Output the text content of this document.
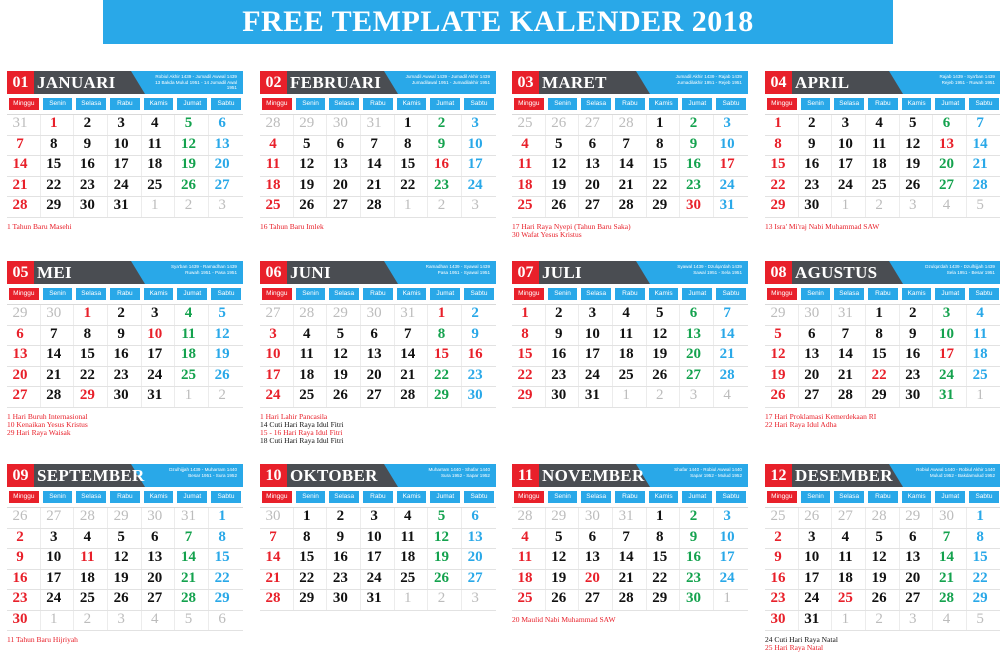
FREE TEMPLATE KALENDER 2018
01 JANUARI	Robiul Akhir 1439 - Jumadil Awwal 1439
13 Bakda Mulud 1951 - 14 Jumadil Awal 1951
Minggu	Senin	Selasa	Rabu	Kamis	Jumat	Sabtu
31	1	2	3	4	5	6
7	8	9	10	11	12	13
14	15	16	17	18	19	20
21	22	23	24	25	26	27
28	29	30	31	1	2	3
1 Tahun Baru Masehi
02 FEBRUARI	Jumadil Awwal 1439 - Jumadil Akhir 1439
Jumadilawal 1951 - Jumadilakhir 1951
Minggu	Senin	Selasa	Rabu	Kamis	Jumat	Sabtu
28	29	30	31	1	2	3
4	5	6	7	8	9	10
11	12	13	14	15	16	17
18	19	20	21	22	23	24
25	26	27	28	1	2	3
16 Tahun Baru Imlek
03 MARET	Jumadil Akhir 1439 - Rajab 1439
Jumadilakhir 1951 - Rejeb 1951
Minggu	Senin	Selasa	Rabu	Kamis	Jumat	Sabtu
25	26	27	28	1	2	3
4	5	6	7	8	9	10
11	12	13	14	15	16	17
18	19	20	21	22	23	24
25	26	27	28	29	30	31
17 Hari Raya Nyepi (Tahun Baru Saka)
30 Wafat Yesus Kristus
04 APRIL	Rajab 1439 - Sya'ban 1439
Rejeb 1951 - Ruwah 1951
Minggu	Senin	Selasa	Rabu	Kamis	Jumat	Sabtu
1	2	3	4	5	6	7
8	9	10	11	12	13	14
15	16	17	18	19	20	21
22	23	24	25	26	27	28
29	30	1	2	3	4	5
13 Isra' Mi'raj Nabi Muhammad SAW
05 MEI	Sya'ban 1439 - Ramadhan 1439
Ruwah 1951 - Pasa 1951
Minggu	Senin	Selasa	Rabu	Kamis	Jumat	Sabtu
29	30	1	2	3	4	5
6	7	8	9	10	11	12
13	14	15	16	17	18	19
20	21	22	23	24	25	26
27	28	29	30	31	1	2
1 Hari Buruh Internasional
10 Kenaikan Yesus Kristus
29 Hari Raya Waisak
06 JUNI	Ramadhan 1439 - Syawal 1439
Pasa 1951 - Syawal 1951
Minggu	Senin	Selasa	Rabu	Kamis	Jumat	Sabtu
27	28	29	30	31	1	2
3	4	5	6	7	8	9
10	11	12	13	14	15	16
17	18	19	20	21	22	23
24	25	26	27	28	29	30
1 Hari Lahir Pancasila
14 Cuti Hari Raya Idul Fitri
15 - 16 Hari Raya Idul Fitri
18 Cuti Hari Raya Idul Fitri
07 JULI	Syawal 1439 - Dzulqa'dah 1439
Sawal 1951 - Sela 1951
Minggu	Senin	Selasa	Rabu	Kamis	Jumat	Sabtu
1	2	3	4	5	6	7
8	9	10	11	12	13	14
15	16	17	18	19	20	21
22	23	24	25	26	27	28
29	30	31	1	2	3	4
08 AGUSTUS	Dzulqa'dah 1439 - Dzulhijjah 1439
Sela 1951 - Besar 1951
Minggu	Senin	Selasa	Rabu	Kamis	Jumat	Sabtu
29	30	31	1	2	3	4
5	6	7	8	9	10	11
12	13	14	15	16	17	18
19	20	21	22	23	24	25
26	27	28	29	30	31	1
17 Hari Proklamasi Kemerdekaan RI
22 Hari Raya Idul Adha
09 SEPTEMBER	Dzulhijjah 1439 - Muharram 1440
Besar 1951 - Sura 1952
Minggu	Senin	Selasa	Rabu	Kamis	Jumat	Sabtu
26	27	28	29	30	31	1
2	3	4	5	6	7	8
9	10	11	12	13	14	15
16	17	18	19	20	21	22
23	24	25	26	27	28	29
30	1	2	3	4	5	6
11 Tahun Baru Hijriyah
10 OKTOBER	Muharram 1440 - Shafar 1440
Sura 1952 - Sapar 1952
Minggu	Senin	Selasa	Rabu	Kamis	Jumat	Sabtu
30	1	2	3	4	5	6
7	8	9	10	11	12	13
14	15	16	17	18	19	20
21	22	23	24	25	26	27
28	29	30	31	1	2	3
11 NOVEMBER	Shafar 1440 - Robiul Awwal 1440
Sapar 1952 - Mulud 1952
Minggu	Senin	Selasa	Rabu	Kamis	Jumat	Sabtu
28	29	30	31	1	2	3
4	5	6	7	8	9	10
11	12	13	14	15	16	17
18	19	20	21	22	23	24
25	26	27	28	29	30	1
20 Maulid Nabi Muhammad SAW
12 DESEMBER	Robiul Awwal 1440 - Robiul Akhir 1440
Mulud 1952 - Bakdamulud 1952
Minggu	Senin	Selasa	Rabu	Kamis	Jumat	Sabtu
25	26	27	28	29	30	1
2	3	4	5	6	7	8
9	10	11	12	13	14	15
16	17	18	19	20	21	22
23	24	25	26	27	28	29
30	31	1	2	3	4	5
24 Cuti Hari Raya Natal
25 Hari Raya Natal
